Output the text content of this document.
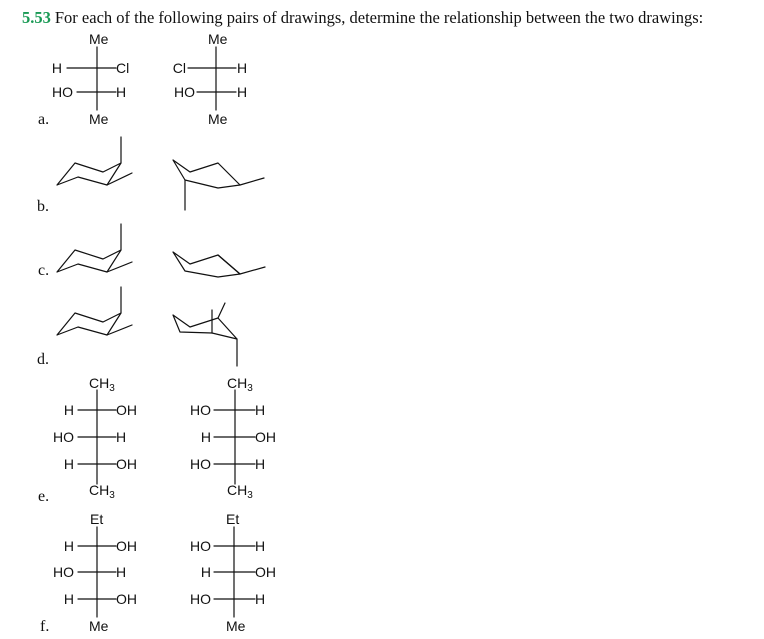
5.53 For each of the following pairs of drawings, determine the relationship between the two drawings:
a.
b.
c.
d.
e.
f.
Me
H	Cl
HO	H
Me
Me
Cl	H
HO	H
Me
$CH_3$
H	OH
HO	H
H	OH
$CH_3$
$CH_3$
HO	H
H	OH
HO	H
$CH_3$
Et
H	OH
HO	H
H	OH
Me
Et
HO	H
H	OH
HO	H
Me
